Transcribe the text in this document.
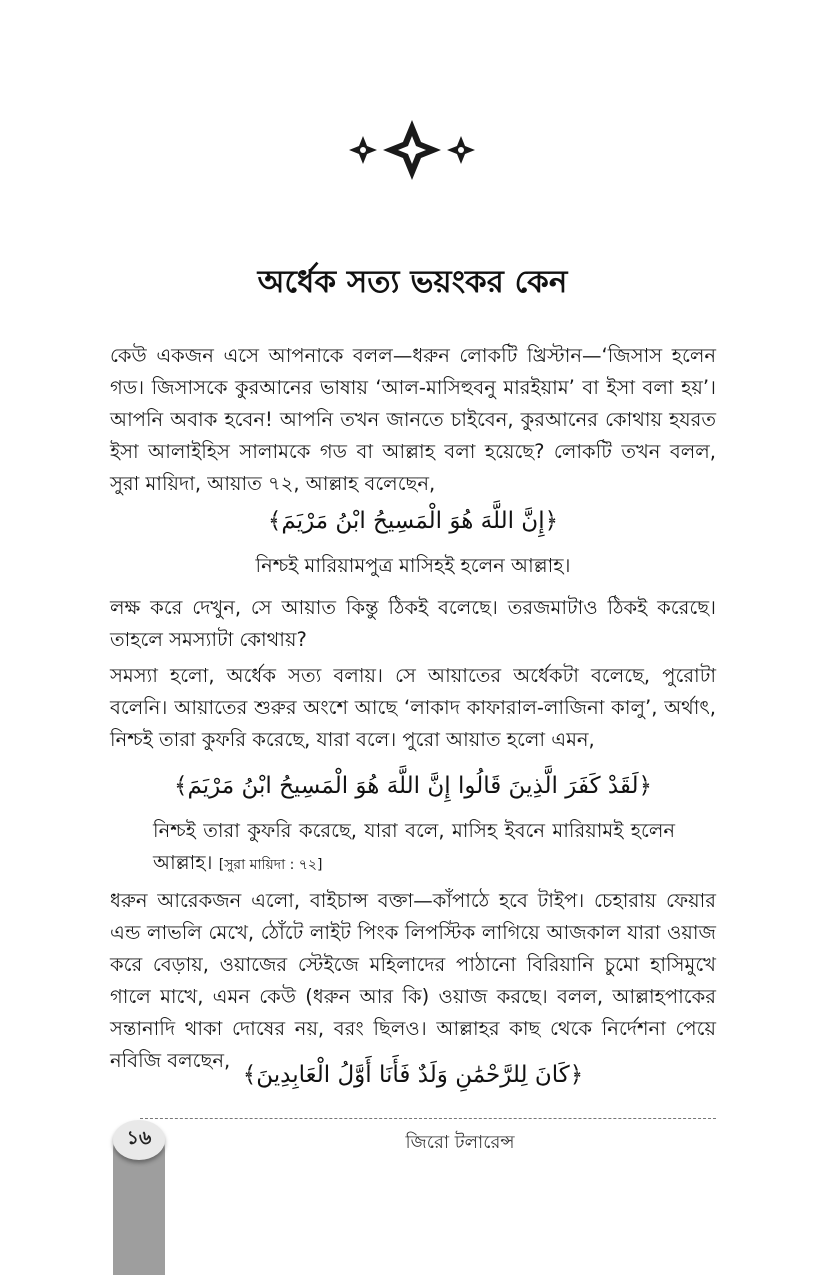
অর্ধেক সত্য ভয়ংকর কেন

কেউ একজন এসে আপনাকে বলল—ধরুন লোকটি খ্রিস্টান—‘জিসাস হলেন গড। জিসাসকে কুরআনের ভাষায় ‘আল-মাসিহুবনু মারইয়াম’ বা ইসা বলা হয়’। আপনি অবাক হবেন! আপনি তখন জানতে চাইবেন, কুরআনের কোথায় হযরত ইসা আলাইহিস সালামকে গড বা আল্লাহ বলা হয়েছে? লোকটি তখন বলল, সুরা মায়িদা, আয়াত ৭২, আল্লাহ বলেছেন,

﴿إِنَّ اللَّهَ هُوَ الْمَسِيحُ ابْنُ مَرْيَمَ﴾

নিশ্চই মারিয়ামপুত্র মাসিহই হলেন আল্লাহ।

লক্ষ করে দেখুন, সে আয়াত কিন্তু ঠিকই বলেছে। তরজমাটাও ঠিকই করেছে। তাহলে সমস্যাটা কোথায়?

সমস্যা হলো, অর্ধেক সত্য বলায়। সে আয়াতের অর্ধেকটা বলেছে, পুরোটা বলেনি। আয়াতের শুরুর অংশে আছে ‘লাকাদ কাফারাল-লাজিনা কালু’, অর্থাৎ, নিশ্চই তারা কুফরি করেছে, যারা বলে। পুরো আয়াত হলো এমন,

﴿لَقَدْ كَفَرَ الَّذِينَ قَالُوا إِنَّ اللَّهَ هُوَ الْمَسِيحُ ابْنُ مَرْيَمَ﴾

নিশ্চই তারা কুফরি করেছে, যারা বলে, মাসিহ ইবনে মারিয়ামই হলেন আল্লাহ। [সুরা মায়িদা : ৭২]

ধরুন আরেকজন এলো, বাইচান্স বক্তা—কাঁপাঠে হবে টাইপ। চেহারায় ফেয়ার এন্ড লাভলি মেখে, ঠোঁটে লাইট পিংক লিপস্টিক লাগিয়ে আজকাল যারা ওয়াজ করে বেড়ায়, ওয়াজের স্টেইজে মহিলাদের পাঠানো বিরিয়ানি চুমো হাসিমুখে গালে মাখে, এমন কেউ (ধরুন আর কি) ওয়াজ করছে। বলল, আল্লাহপাকের সন্তানাদি থাকা দোষের নয়, বরং ছিলও। আল্লাহর কাছ থেকে নির্দেশনা পেয়ে নবিজি বলছেন,

﴿كَانَ لِلرَّحْمَٰنِ وَلَدٌ فَأَنَا أَوَّلُ الْعَابِدِينَ﴾

১৬	জিরো টলারেন্স
